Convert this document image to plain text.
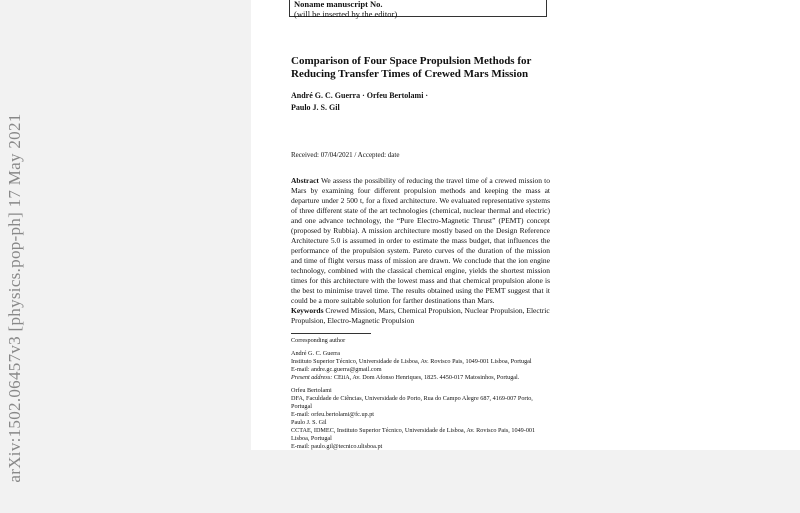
arXiv:1502.06457v3 [physics.pop-ph] 17 May 2021
Noname manuscript No.
(will be inserted by the editor)
Comparison of Four Space Propulsion Methods for
Reducing Transfer Times of Crewed Mars Mission
André G. C. Guerra · Orfeu Bertolami ·
Paulo J. S. Gil
Received: 07/04/2021 / Accepted: date
Abstract We assess the possibility of reducing the travel time of a crewed mission to Mars by examining four different propulsion methods and keeping the mass at departure under 2 500 t, for a fixed architecture. We evaluated representative systems of three different state of the art technologies (chemical, nuclear thermal and electric) and one advance technology, the “Pure Electro-Magnetic Thrust” (PEMT) concept (proposed by Rubbia). A mission architecture mostly based on the Design Reference Architecture 5.0 is assumed in order to estimate the mass budget, that influences the performance of the propulsion system. Pareto curves of the duration of the mission and time of flight versus mass of mission are drawn. We conclude that the ion engine technology, combined with the classical chemical engine, yields the shortest mission times for this architecture with the lowest mass and that chemical propulsion alone is the best to minimise travel time. The results obtained using the PEMT suggest that it could be a more suitable solution for farther destinations than Mars.
Keywords Crewed Mission, Mars, Chemical Propulsion, Nuclear Propulsion, Electric Propulsion, Electro-Magnetic Propulsion
Corresponding author
André G. C. Guerra
Instituto Superior Técnico, Universidade de Lisboa, Av. Rovisco Pais, 1049-001 Lisboa, Portugal
E-mail: andre.gc.guerra@gmail.com
Present address: CEiiA, Av. Dom Afonso Henriques, 1825. 4450-017 Matosinhos, Portugal.
Orfeu Bertolami
DFA, Faculdade de Ciências, Universidade do Porto, Rua do Campo Alegre 687, 4169-007 Porto, Portugal
E-mail: orfeu.bertolami@fc.up.pt
Paulo J. S. Gil
CCTAE, IDMEC, Instituto Superior Técnico, Universidade de Lisboa, Av. Rovisco Pais, 1049-001 Lisboa, Portugal
E-mail: paulo.gil@tecnico.ulisboa.pt
